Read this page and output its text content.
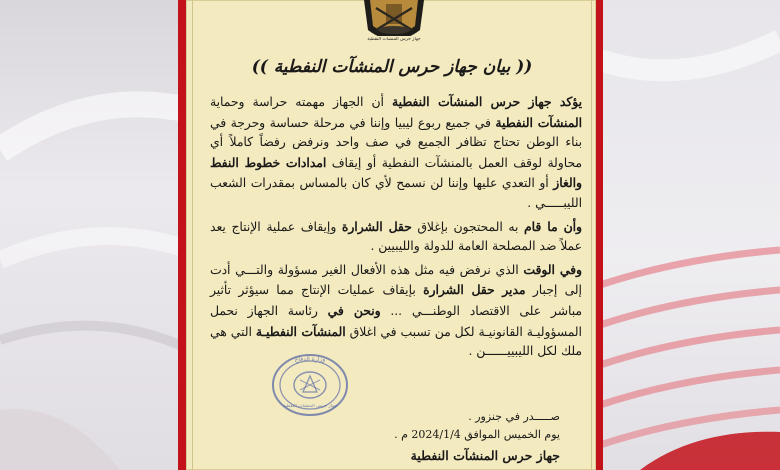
جهاز حرس المنشآت النفطية
(( بيان جهاز حرس المنشآت النفطية ))

يؤكد جهاز حرس المنشآت النفطية أن الجهاز مهمته حراسة وحماية المنشآت النفطية في جميع ربوع ليبيا وإننا في مرحلة حساسة وحرجة في بناء الوطن تحتاج تظافر الجميع في صف واحد ونرفض رفضاً كاملاً أي محاولة لوقف العمل بالمنشآت النفطية أو إيقاف امدادات خطوط النفط والغاز أو التعدي عليها وإننا لن نسمح لأي كان بالمساس بمقدرات الشعب الليبـــــي .

وأن ما قام به المحتجون بإغلاق حقل الشرارة وإيقاف عملية الإنتاج يعد عملاً ضد المصلحة العامة للدولة والليبيين .

وفي الوقت الذي نرفض فيه مثل هذه الأفعال الغير مسؤولة والتـــي أدت إلى إجبار مدير حقل الشرارة بإيقاف عمليات الإنتاج مما سيؤثر تأثير مباشر على الاقتصاد الوطنـــي ... ونحن في رئاسة الجهاز نحمل المسؤوليـة القانونيـة لكل من تسبب في اغلاق المنشآت النفطيـة التي هي ملك لكل الليبييــــــن .

وزارة الدفاع
جهاز حرس المنشآت النفطية
صـــــدر في جنزور .
يوم الخميس الموافق 2024/1/4 م .
جهاز حرس المنشآت النفطية
